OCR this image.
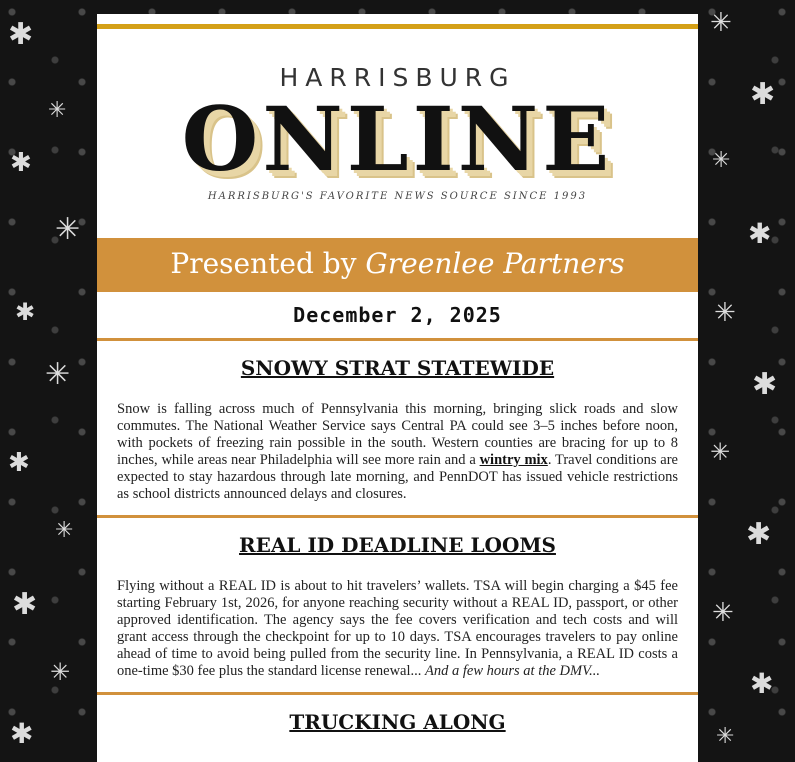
✱
✳
✱
✳
✱
✳
✱
✳
✱
✳
✱
✳
✱
✳
✱
✳
✱
✳
✱
✳
✱
✳
HARRISBURG
ONLINE
HARRISBURG'S FAVORITE NEWS SOURCE SINCE 1993
Presented by Greenlee Partners
December 2, 2025
SNOWY STRAT STATEWIDE

Snow is falling across much of Pennsylvania this morning, bringing slick roads and slow commutes. The National Weather Service says Central PA could see 3–5 inches before noon, with pockets of freezing rain possible in the south. Western counties are bracing for up to 8 inches, while areas near Philadelphia will see more rain and a wintry mix. Travel conditions are expected to stay hazardous through late morning, and PennDOT has issued vehicle restrictions as school districts announced delays and closures.

REAL ID DEADLINE LOOMS

Flying without a REAL ID is about to hit travelers’ wallets. TSA will begin charging a $45 fee starting February 1st, 2026, for anyone reaching security without a REAL ID, passport, or other approved identification. The agency says the fee covers verification and tech costs and will grant access through the checkpoint for up to 10 days. TSA encourages travelers to pay online ahead of time to avoid being pulled from the security line. In Pennsylvania, a REAL ID costs a one-time $30 fee plus the standard license renewal... And a few hours at the DMV...

TRUCKING ALONG
